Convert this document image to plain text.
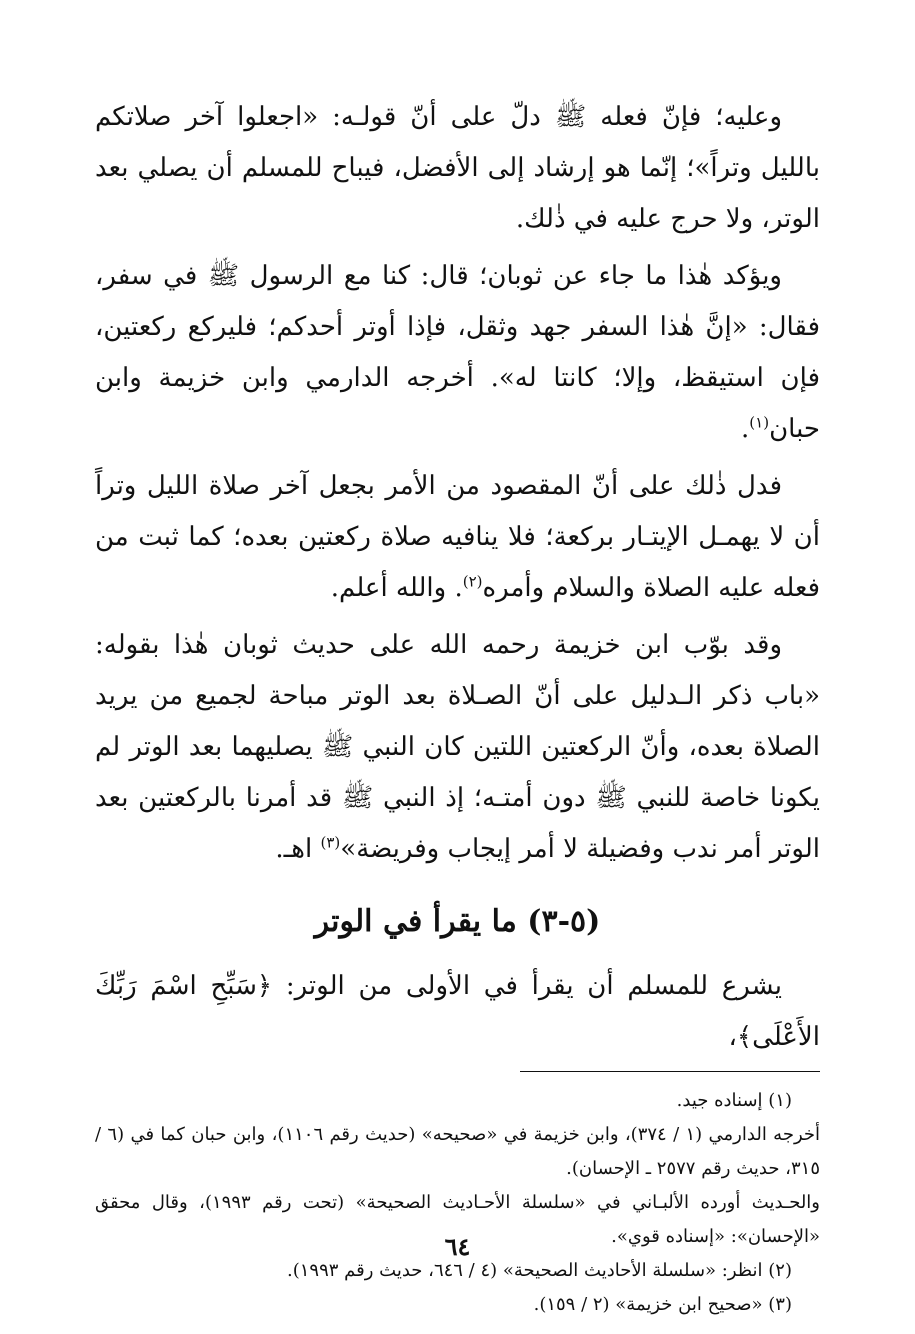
وعليه؛ فإنّ فعله ﷺ دلّ على أنّ قولـه: «اجعلوا آخر صلاتكم بالليل وتراً»؛ إنّما هو إرشاد إلى الأفضل، فيباح للمسلم أن يصلي بعد الوتر، ولا حرج عليه في ذٰلك.

ويؤكد هٰذا ما جاء عن ثوبان؛ قال: كنا مع الرسول ﷺ في سفر، فقال: «إنَّ هٰذا السفر جهد وثقل، فإذا أوتر أحدكم؛ فليركع ركعتين، فإن استيقظ، وإلا؛ كانتا له». أخرجه الدارمي وابن خزيمة وابن حبان$^{(١)}$.

فدل ذٰلك على أنّ المقصود من الأمر بجعل آخر صلاة الليل وتراً أن لا يهمـل الإيتـار بركعة؛ فلا ينافيه صلاة ركعتين بعده؛ كما ثبت من فعله عليه الصلاة والسلام وأمره$^{(٢)}$. والله أعلم.

وقد بوّب ابن خزيمة رحمه الله على حديث ثوبان هٰذا بقوله: «باب ذكر الـدليل على أنّ الصـلاة بعد الوتر مباحة لجميع من يريد الصلاة بعده، وأنّ الركعتين اللتين كان النبي ﷺ يصليهما بعد الوتر لم يكونا خاصة للنبي ﷺ دون أمتـه؛ إذ النبي ﷺ قد أمرنا بالركعتين بعد الوتر أمر ندب وفضيلة لا أمر إيجاب وفريضة»$^{(٣)}$ اهـ.

(٥-٣) ما يقرأ في الوتر

يشرع للمسلم أن يقرأ في الأولى من الوتر: ﴿سَبِّحِ اسْمَ رَبِّكَ الأَعْلَى﴾،

(١) إسناده جيد.

أخرجه الدارمي (١ / ٣٧٤)، وابن خزيمة في «صحيحه» (حديث رقم ١١٠٦)، وابن حبان كما في (٦ / ٣١٥، حديث رقم ٢٥٧٧ ـ الإحسان).

والحـديث أورده الألبـاني في «سلسلة الأحـاديث الصحيحة» (تحت رقم ١٩٩٣)، وقال محقق «الإحسان»: «إسناده قوي».

(٢) انظر: «سلسلة الأحاديث الصحيحة» (٤ / ٦٤٦، حديث رقم ١٩٩٣).

(٣) «صحيح ابن خزيمة» (٢ / ١٥٩).

٦٤
